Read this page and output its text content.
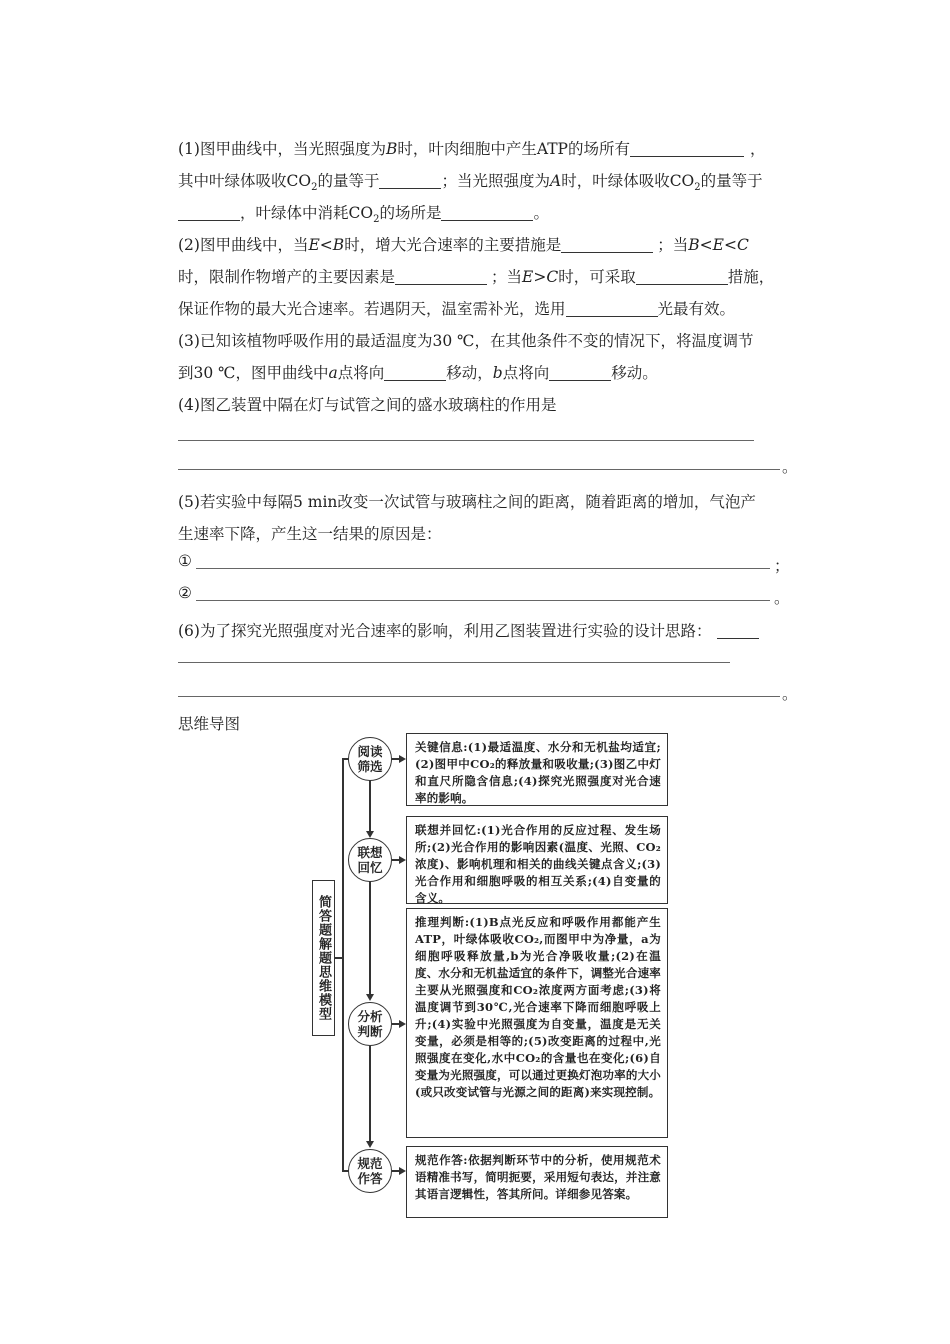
(1)图甲曲线中，当光照强度为B时，叶肉细胞中产生ATP的场所有	，
其中叶绿体吸收$CO_2$的量等于	；当光照强度为A时，叶绿体吸收$CO_2$的量等于
，叶绿体中消耗$CO_2$的场所是	。
(2)图甲曲线中，当E<B时，增大光合速率的主要措施是	；当B<E<C
时，限制作物增产的主要因素是	；当E>C时，可采取	措施，
保证作物的最大光合速率。若遇阴天，温室需补光，选用	光最有效。
(3)已知该植物呼吸作用的最适温度为30 ℃，在其他条件不变的情况下，将温度调节
到30 ℃，图甲曲线中a点将向	移动，b点将向	移动。
(4)图乙装置中隔在灯与试管之间的盛水玻璃柱的作用是
。
(5)若实验中每隔5 min改变一次试管与玻璃柱之间的距离，随着距离的增加，气泡产
生速率下降，产生这一结果的原因是：
①	；
②	。
(6)为了探究光照强度对光合速率的影响，利用乙图装置进行实验的设计思路：
。
思维导图
简答题解题思维模型
阅读筛选
联想回忆
分析判断
规范作答
关键信息:(1)最适温度、水分和无机盐均适宜;(2)图甲中CO₂的释放量和吸收量;(3)图乙中灯和直尺所隐含信息;(4)探究光照强度对光合速率的影响。
联想并回忆:(1)光合作用的反应过程、发生场所;(2)光合作用的影响因素(温度、光照、CO₂浓度)、影响机理和相关的曲线关键点含义;(3)光合作用和细胞呼吸的相互关系;(4)自变量的含义。
推理判断:(1)B点光反应和呼吸作用都能产生ATP，叶绿体吸收CO₂,而图甲中为净量，a为细胞呼吸释放量,b为光合净吸收量;(2)在温度、水分和无机盐适宜的条件下，调整光合速率主要从光照强度和CO₂浓度两方面考虑;(3)将温度调节到30℃,光合速率下降而细胞呼吸上升;(4)实验中光照强度为自变量，温度是无关变量，必须是相等的;(5)改变距离的过程中,光照强度在变化,水中CO₂的含量也在变化;(6)自变量为光照强度，可以通过更换灯泡功率的大小(或只改变试管与光源之间的距离)来实现控制。
规范作答:依据判断环节中的分析，使用规范术语精准书写，简明扼要，采用短句表达，并注意其语言逻辑性，答其所问。详细参见答案。
